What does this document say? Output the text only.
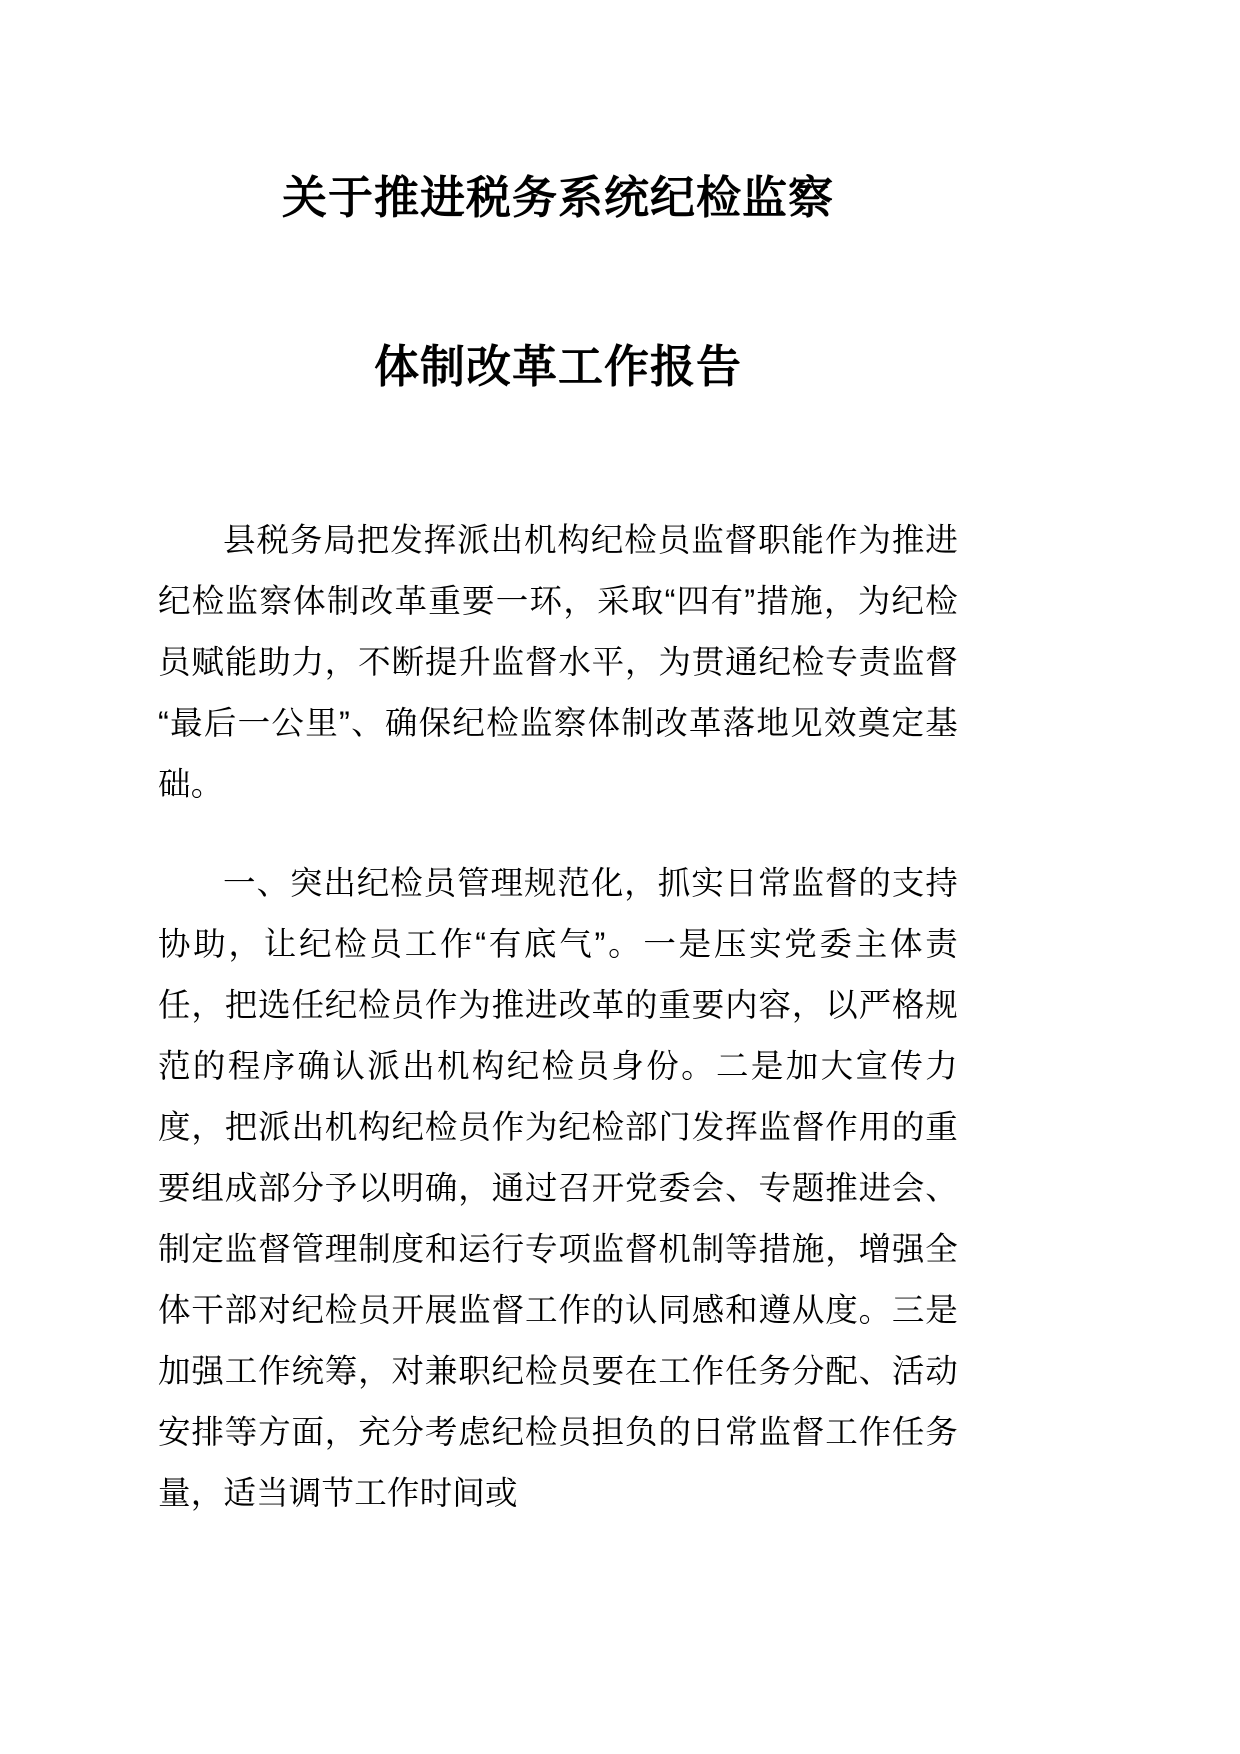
关于推进税务系统纪检监察
体制改革工作报告

县税务局把发挥派出机构纪检员监督职能作为推进纪检监察体制改革重要一环，采取“四有”措施，为纪检员赋能助力，不断提升监督水平，为贯通纪检专责监督“最后一公里”、确保纪检监察体制改革落地见效奠定基础。

一、突出纪检员管理规范化，抓实日常监督的支持协助，让纪检员工作“有底气”。一是压实党委主体责任，把选任纪检员作为推进改革的重要内容，以严格规范的程序确认派出机构纪检员身份。二是加大宣传力度，把派出机构纪检员作为纪检部门发挥监督作用的重要组成部分予以明确，通过召开党委会、专题推进会、制定监督管理制度和运行专项监督机制等措施，增强全体干部对纪检员开展监督工作的认同感和遵从度。三是加强工作统筹，对兼职纪检员要在工作任务分配、活动安排等方面，充分考虑纪检员担负的日常监督工作任务量，适当调节工作时间或
